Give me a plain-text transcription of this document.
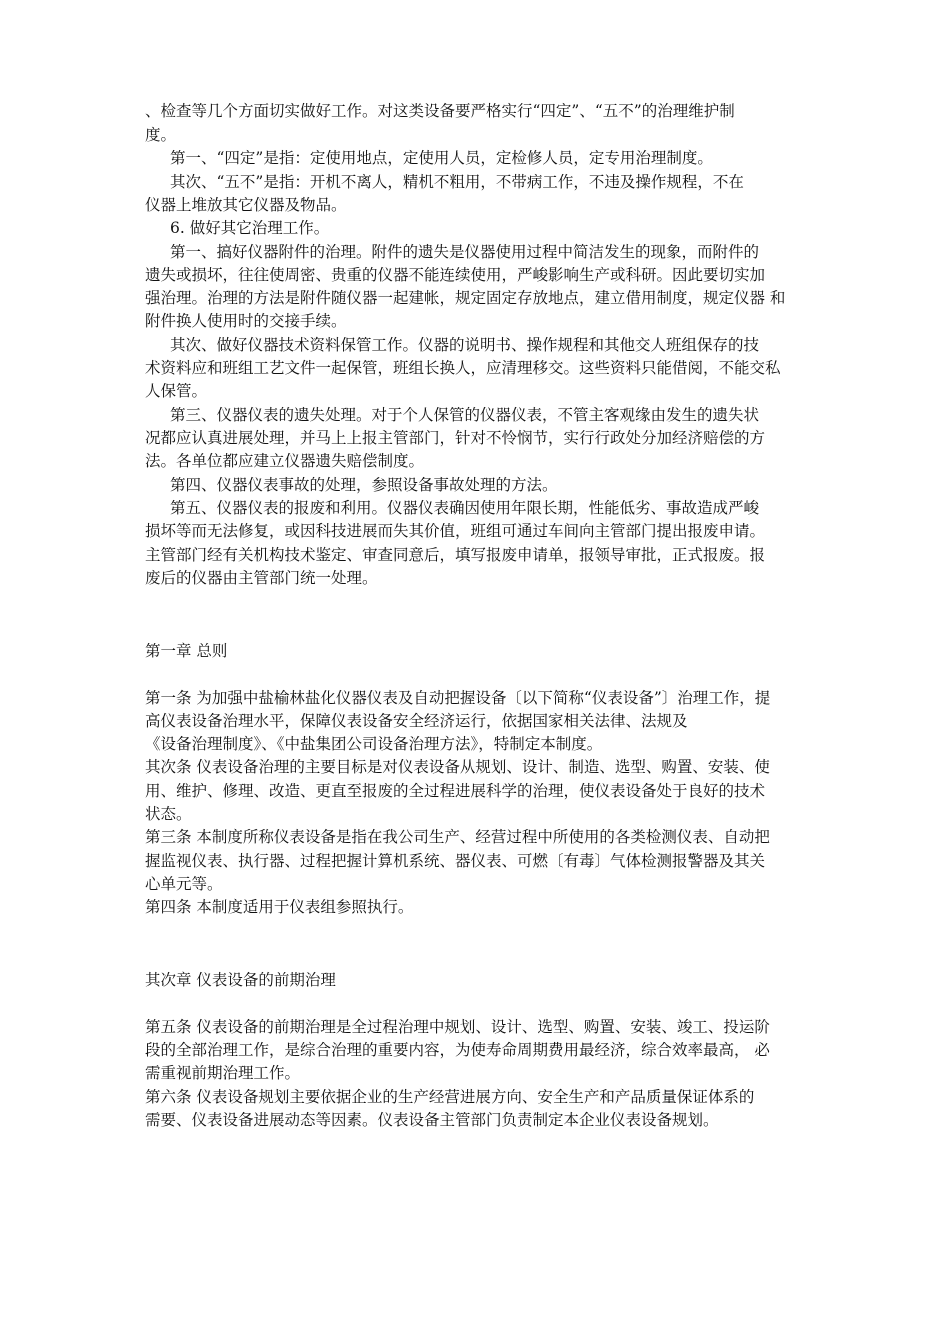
、检查等几个方面切实做好工作。对这类设备要严格实行“四定”、“五不”的治理维护制
度。
第一、“四定”是指：定使用地点，定使用人员，定检修人员，定专用治理制度。
其次、“五不”是指：开机不离人，精机不粗用，不带病工作，不违及操作规程，不在
仪器上堆放其它仪器及物品。
6. 做好其它治理工作。
第一、搞好仪器附件的治理。附件的遗失是仪器使用过程中简洁发生的现象，而附件的
遗失或损坏，往往使周密、贵重的仪器不能连续使用，严峻影响生产或科研。因此要切实加
强治理。治理的方法是附件随仪器一起建帐，规定固定存放地点，建立借用制度，规定仪器 和
附件换人使用时的交接手续。
其次、做好仪器技术资料保管工作。仪器的说明书、操作规程和其他交人班组保存的技
术资料应和班组工艺文件一起保管，班组长换人，应清理移交。这些资料只能借阅，不能交私
人保管。
第三、仪器仪表的遗失处理。对于个人保管的仪器仪表，不管主客观缘由发生的遗失状
况都应认真进展处理，并马上上报主管部门，针对不怜悯节，实行行政处分加经济赔偿的方
法。各单位都应建立仪器遗失赔偿制度。
第四、仪器仪表事故的处理，参照设备事故处理的方法。
第五、仪器仪表的报废和利用。仪器仪表确因使用年限长期，性能低劣、事故造成严峻
损坏等而无法修复，或因科技进展而失其价值，班组可通过车间向主管部门提出报废申请。
主管部门经有关机构技术鉴定、审查同意后，填写报废申请单，报领导审批，正式报废。报
废后的仪器由主管部门统一处理。
第一章 总则
第一条 为加强中盐榆林盐化仪器仪表及自动把握设备〔以下简称“仪表设备”〕治理工作，提
高仪表设备治理水平，保障仪表设备安全经济运行，依据国家相关法律、法规及
《设备治理制度》、《中盐集团公司设备治理方法》，特制定本制度。
其次条 仪表设备治理的主要目标是对仪表设备从规划、设计、制造、选型、购置、安装、使
用、维护、修理、改造、更直至报废的全过程进展科学的治理，使仪表设备处于良好的技术
状态。
第三条 本制度所称仪表设备是指在我公司生产、经营过程中所使用的各类检测仪表、自动把
握监视仪表、执行器、过程把握计算机系统、器仪表、可燃〔有毒〕气体检测报警器及其关
心单元等。
第四条 本制度适用于仪表组参照执行。
其次章 仪表设备的前期治理
第五条 仪表设备的前期治理是全过程治理中规划、设计、选型、购置、安装、竣工、投运阶
段的全部治理工作，是综合治理的重要内容，为使寿命周期费用最经济，综合效率最高， 必
需重视前期治理工作。
第六条 仪表设备规划主要依据企业的生产经营进展方向、安全生产和产品质量保证体系的
需要、仪表设备进展动态等因素。仪表设备主管部门负责制定本企业仪表设备规划。
